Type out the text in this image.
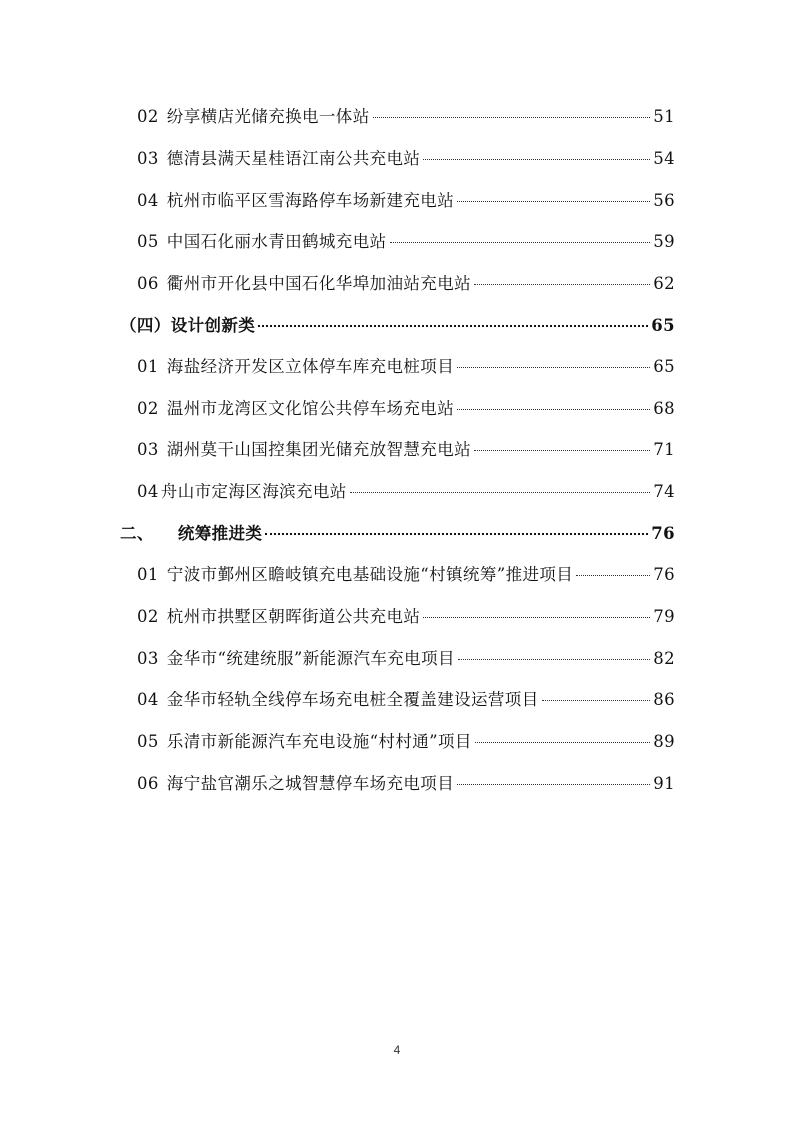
02 纷享横店光储充换电一体站	51
03 德清县满天星桂语江南公共充电站	54
04 杭州市临平区雪海路停车场新建充电站	56
05 中国石化丽水青田鹤城充电站	59
06 衢州市开化县中国石化华埠加油站充电站	62
（四）设计创新类	65
01 海盐经济开发区立体停车库充电桩项目	65
02 温州市龙湾区文化馆公共停车场充电站	68
03 湖州莫干山国控集团光储充放智慧充电站	71
04 舟山市定海区海滨充电站	74
二、 统筹推进类	76
01 宁波市鄞州区瞻岐镇充电基础设施“村镇统筹”推进项目	76
02 杭州市拱墅区朝晖街道公共充电站	79
03 金华市“统建统服”新能源汽车充电项目	82
04 金华市轻轨全线停车场充电桩全覆盖建设运营项目	86
05 乐清市新能源汽车充电设施“村村通”项目	89
06 海宁盐官潮乐之城智慧停车场充电项目	91
4
